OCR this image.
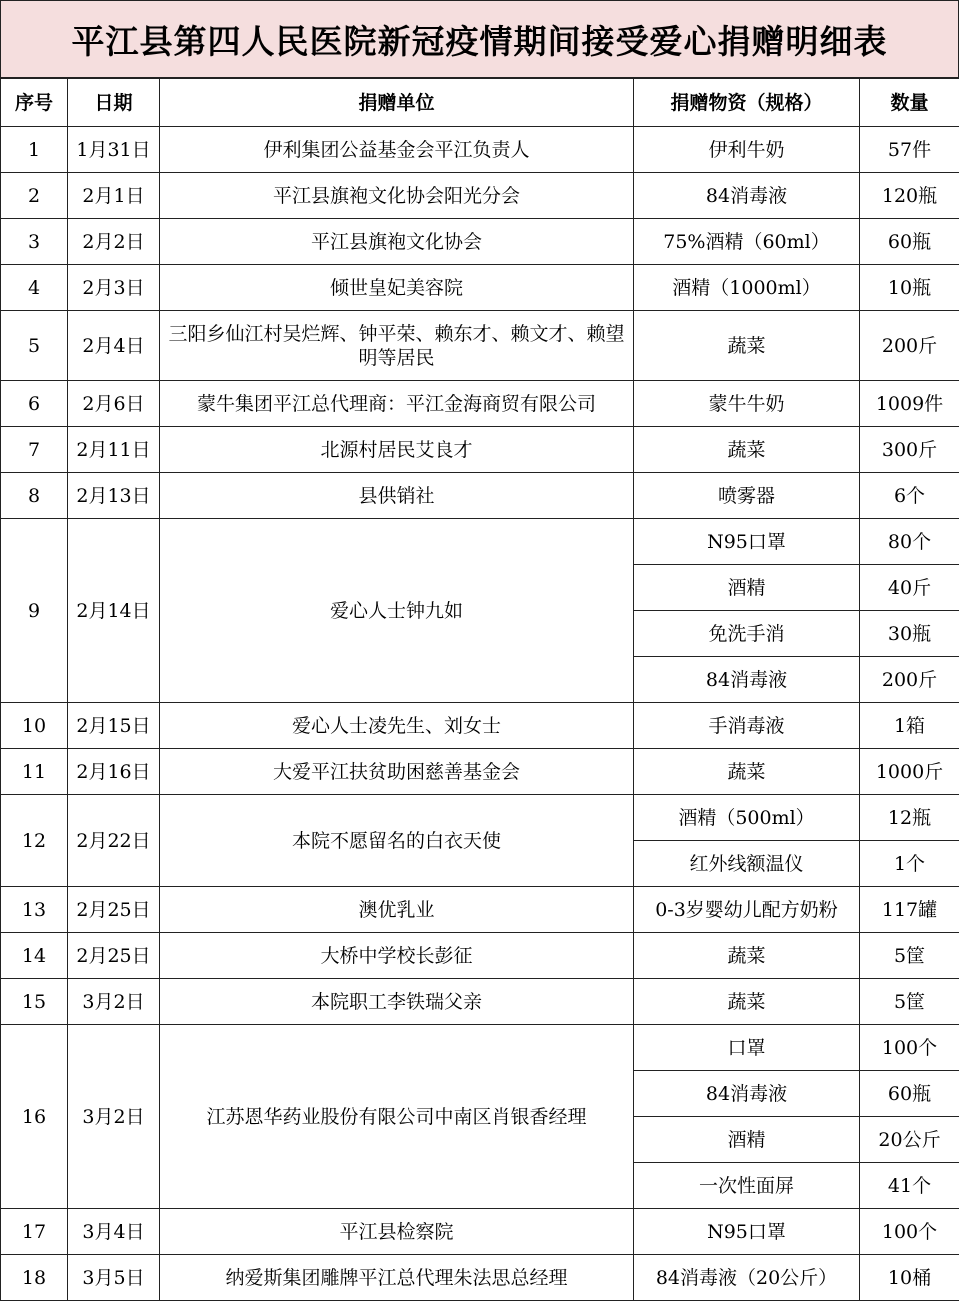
平江县第四人民医院新冠疫情期间接受爱心捐赠明细表
序号	日期	捐赠单位	捐赠物资（规格）	数量
1	1月31日	伊利集团公益基金会平江负责人	伊利牛奶	57件
2	2月1日	平江县旗袍文化协会阳光分会	84消毒液	120瓶
3	2月2日	平江县旗袍文化协会	75%酒精（60ml）	60瓶
4	2月3日	倾世皇妃美容院	酒精（1000ml）	10瓶
5	2月4日	三阳乡仙江村吴烂辉、钟平荣、赖东才、赖文才、赖望明等居民	蔬菜	200斤
6	2月6日	蒙牛集团平江总代理商：平江金海商贸有限公司	蒙牛牛奶	1009件
7	2月11日	北源村居民艾良才	蔬菜	300斤
8	2月13日	县供销社	喷雾器	6个
9	2月14日	爱心人士钟九如	N95口罩	80个
			酒精	40斤
			免洗手消	30瓶
			84消毒液	200斤
10	2月15日	爱心人士凌先生、刘女士	手消毒液	1箱
11	2月16日	大爱平江扶贫助困慈善基金会	蔬菜	1000斤
12	2月22日	本院不愿留名的白衣天使	酒精（500ml）	12瓶
			红外线额温仪	1个
13	2月25日	澳优乳业	0-3岁婴幼儿配方奶粉	117罐
14	2月25日	大桥中学校长彭征	蔬菜	5筐
15	3月2日	本院职工李铁瑞父亲	蔬菜	5筐
16	3月2日	江苏恩华药业股份有限公司中南区肖银香经理	口罩	100个
			84消毒液	60瓶
			酒精	20公斤
			一次性面屏	41个
17	3月4日	平江县检察院	N95口罩	100个
18	3月5日	纳爱斯集团雕牌平江总代理朱法思总经理	84消毒液（20公斤）	10桶
